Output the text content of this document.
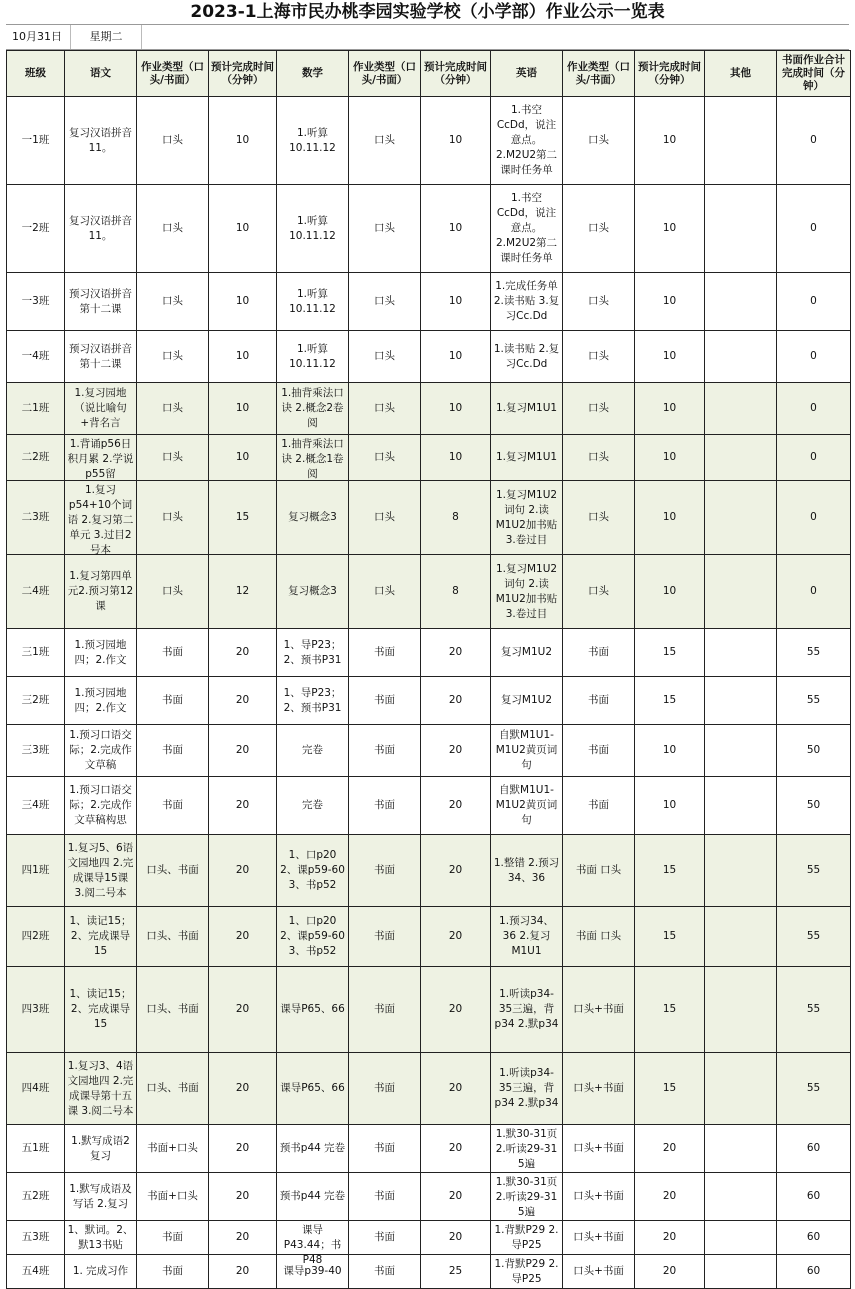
2023-1上海市民办桃李园实验学校（小学部）作业公示一览表
10月31日	星期二
班级	语文	作业类型（口头/书面）	预计完成时间（分钟）	数学	作业类型（口头/书面）	预计完成时间（分钟）	英语	作业类型（口头/书面）	预计完成时间（分钟）	其他	书面作业合计完成时间（分钟）

一1班	复习汉语拼音11。	口头	10	1.听算10.11.12	口头	10	1.书空CcDd，说注意点。2.M2U2第二课时任务单	口头	10		0

一2班	复习汉语拼音11。	口头	10	1.听算10.11.12	口头	10	1.书空CcDd，说注意点。2.M2U2第二课时任务单	口头	10		0

一3班	预习汉语拼音第十二课	口头	10	1.听算10.11.12	口头	10	1.完成任务单 2.读书贴 3.复习Cc.Dd	口头	10		0

一4班	预习汉语拼音第十二课	口头	10	1.听算10.11.12	口头	10	1.读书贴 2.复习Cc.Dd	口头	10		0

二1班	1.复习园地（说比喻句+背名言	口头	10	1.抽背乘法口诀 2.概念2卷阅	口头	10	1.复习M1U1	口头	10		0

二2班	1.背诵p56日积月累 2.学说p55留	口头	10	1.抽背乘法口诀 2.概念1卷阅	口头	10	1.复习M1U1	口头	10		0

二3班	1.复习p54+10个词语 2.复习第二单元 3.过目2号本	口头	15	复习概念3	口头	8	1.复习M1U2词句 2.读M1U2加书贴 3.卷过目	口头	10		0

二4班	1.复习第四单元2.预习第12课	口头	12	复习概念3	口头	8	1.复习M1U2词句 2.读M1U2加书贴 3.卷过目	口头	10		0

三1班	1.预习园地四；2.作文	书面	20	1、导P23；2、预书P31	书面	20	复习M1U2	书面	15		55

三2班	1.预习园地四；2.作文	书面	20	1、导P23；2、预书P31	书面	20	复习M1U2	书面	15		55

三3班	1.预习口语交际；2.完成作文草稿	书面	20	完卷	书面	20	自默M1U1-M1U2黄页词句	书面	10		50

三4班	1.预习口语交际；2.完成作文草稿构思	书面	20	完卷	书面	20	自默M1U1-M1U2黄页词句	书面	10		50

四1班	1.复习5、6语文园地四 2.完成课导15课 3.阅二号本	口头、书面	20	1、口p20 2、课p59-60 3、书p52	书面	20	1.整错 2.预习34、36	书面 口头	15		55

四2班	1、读记15；2、完成课导15	口头、书面	20	1、口p20 2、课p59-60 3、书p52	书面	20	1.预习34、36 2.复习M1U1	书面 口头	15		55

四3班	1、读记15；2、完成课导15	口头、书面	20	课导P65、66	书面	20	1.听读p34-35三遍，背p34 2.默p34	口头+书面	15		55

四4班	1.复习3、4语文园地四 2.完成课导第十五课 3.阅二号本	口头、书面	20	课导P65、66	书面	20	1.听读p34-35三遍，背p34 2.默p34	口头+书面	15		55

五1班	1.默写成语2复习	书面+口头	20	预书p44 完卷	书面	20	1.默30-31页 2.听读29-31 5遍	口头+书面	20		60

五2班	1.默写成语及写话 2.复习	书面+口头	20	预书p44 完卷	书面	20	1.默30-31页 2.听读29-31 5遍	口头+书面	20		60

五3班	1、默词。2、默13书贴	书面	20	课导P43.44；书P48	书面	20	1.背默P29 2.导P25	口头+书面	20		60

五4班	1. 完成习作	书面	20	课导p39-40	书面	25	1.背默P29 2.导P25	口头+书面	20		60
